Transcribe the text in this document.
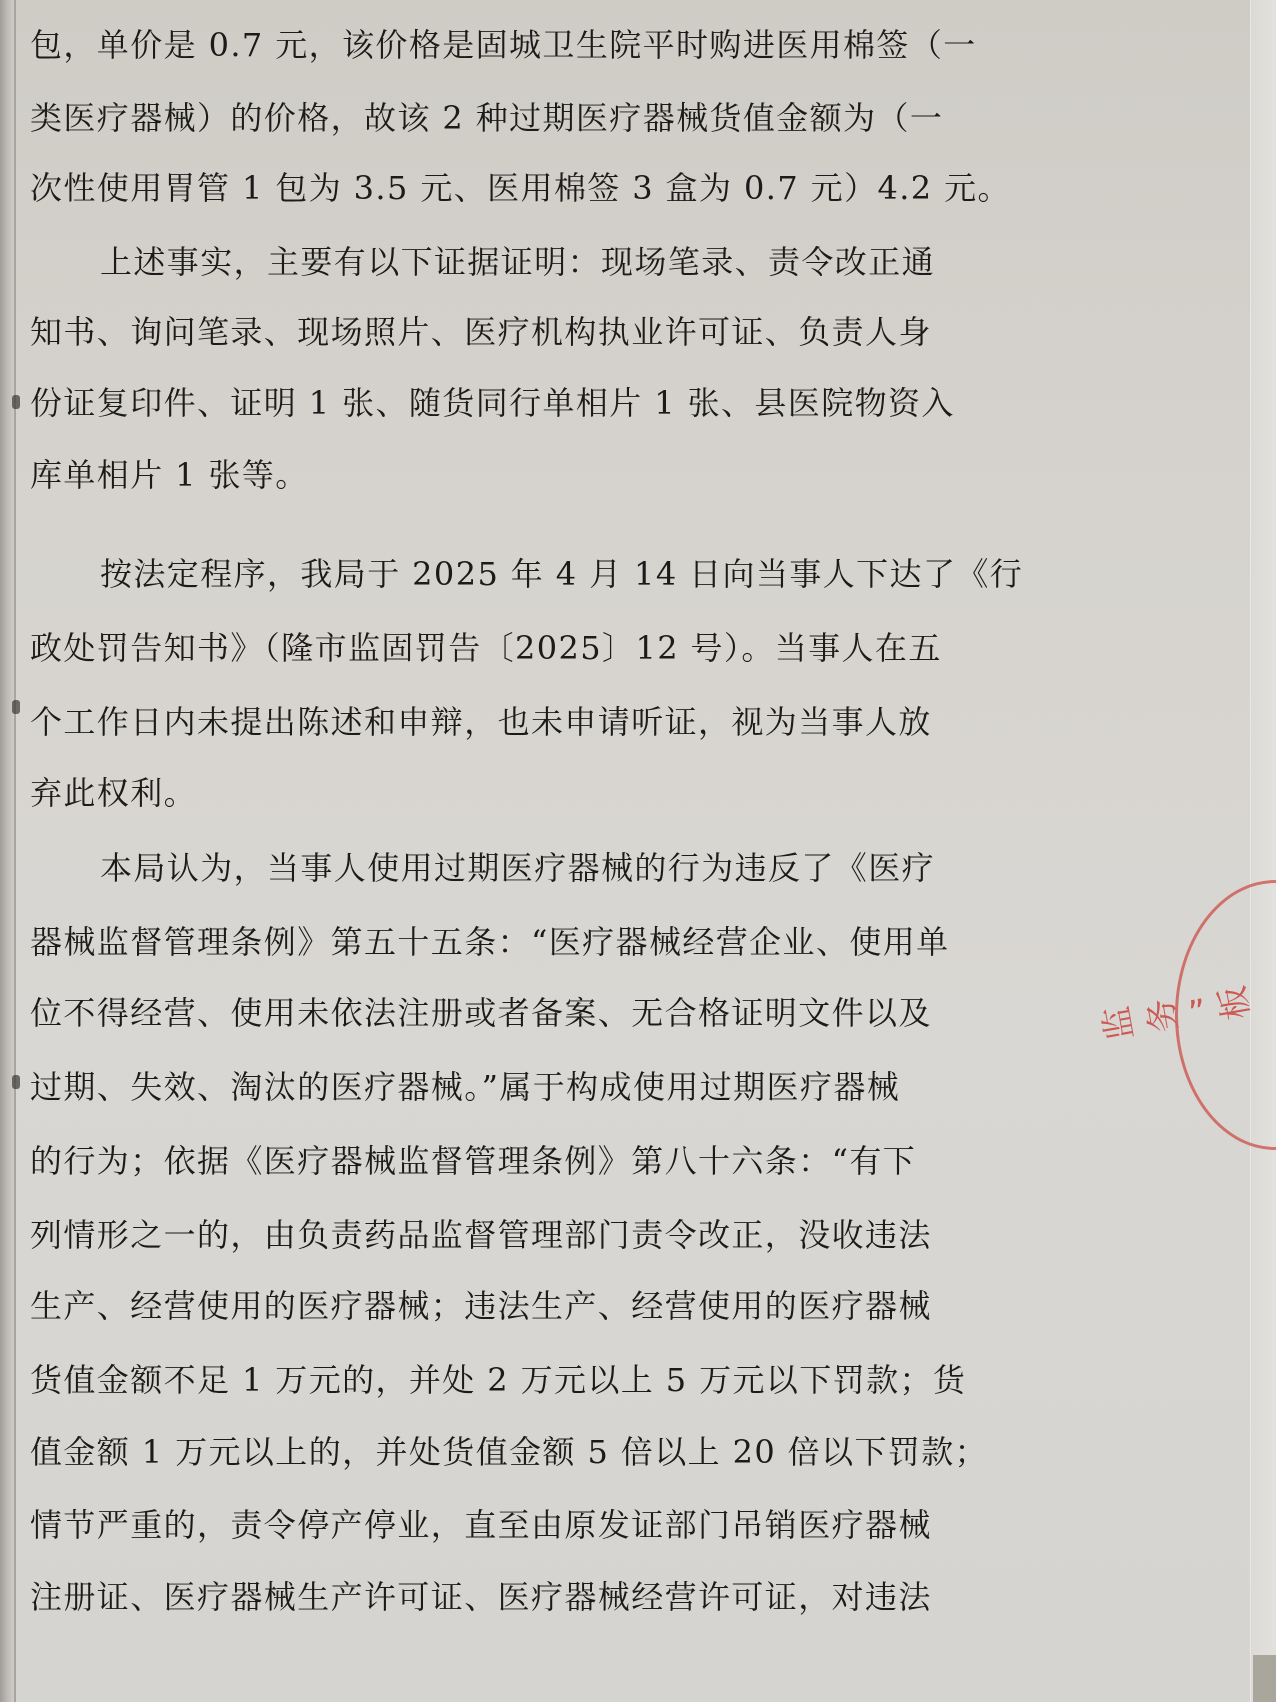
包，单价是 0.7 元，该价格是固城卫生院平时购进医用棉签（一
类医疗器械）的价格，故该 2 种过期医疗器械货值金额为（一
次性使用胃管 1 包为 3.5 元、医用棉签 3 盒为 0.7 元）4.2 元。
上述事实，主要有以下证据证明：现场笔录、责令改正通
知书、询问笔录、现场照片、医疗机构执业许可证、负责人身
份证复印件、证明 1 张、随货同行单相片 1 张、县医院物资入
库单相片 1 张等。
按法定程序，我局于 2025 年 4 月 14 日向当事人下达了《行
政处罚告知书》（隆市监固罚告〔2025〕12 号）。当事人在五
个工作日内未提出陈述和申辩，也未申请听证，视为当事人放
弃此权利。
本局认为，当事人使用过期医疗器械的行为违反了《医疗
器械监督管理条例》第五十五条：“医疗器械经营企业、使用单
位不得经营、使用未依法注册或者备案、无合格证明文件以及
过期、失效、淘汰的医疗器械。”属于构成使用过期医疗器械
的行为；依据《医疗器械监督管理条例》第八十六条：“有下
列情形之一的，由负责药品监督管理部门责令改正，没收违法
生产、经营使用的医疗器械；违法生产、经营使用的医疗器械
货值金额不足 1 万元的，并处 2 万元以上 5 万元以下罚款；货
值金额 1 万元以上的，并处货值金额 5 倍以上 20 倍以下罚款；
情节严重的，责令停产停业，直至由原发证部门吊销医疗器械
注册证、医疗器械生产许可证、医疗器械经营许可证，对违法
监 务 ” 板
